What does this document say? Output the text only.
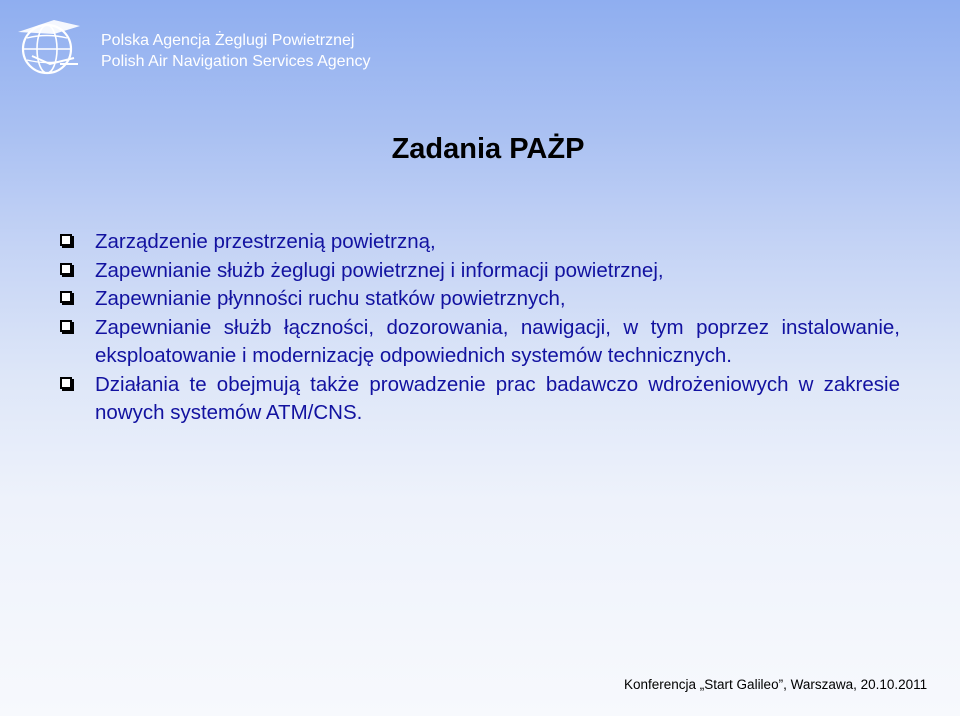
Polska Agencja Żeglugi Powietrznej
Polish Air Navigation Services Agency
Zadania PAŻP
Zarządzenie przestrzenią powietrzną,
Zapewnianie służb żeglugi powietrznej i informacji powietrznej,
Zapewnianie płynności ruchu statków powietrznych,
Zapewnianie służb łączności, dozorowania, nawigacji, w tym poprzez instalowanie, eksploatowanie i modernizację odpowiednich systemów technicznych.
Działania te obejmują także prowadzenie prac badawczo wdrożeniowych w zakresie nowych systemów ATM/CNS.
Konferencja „Start Galileo”, Warszawa, 20.10.2011
